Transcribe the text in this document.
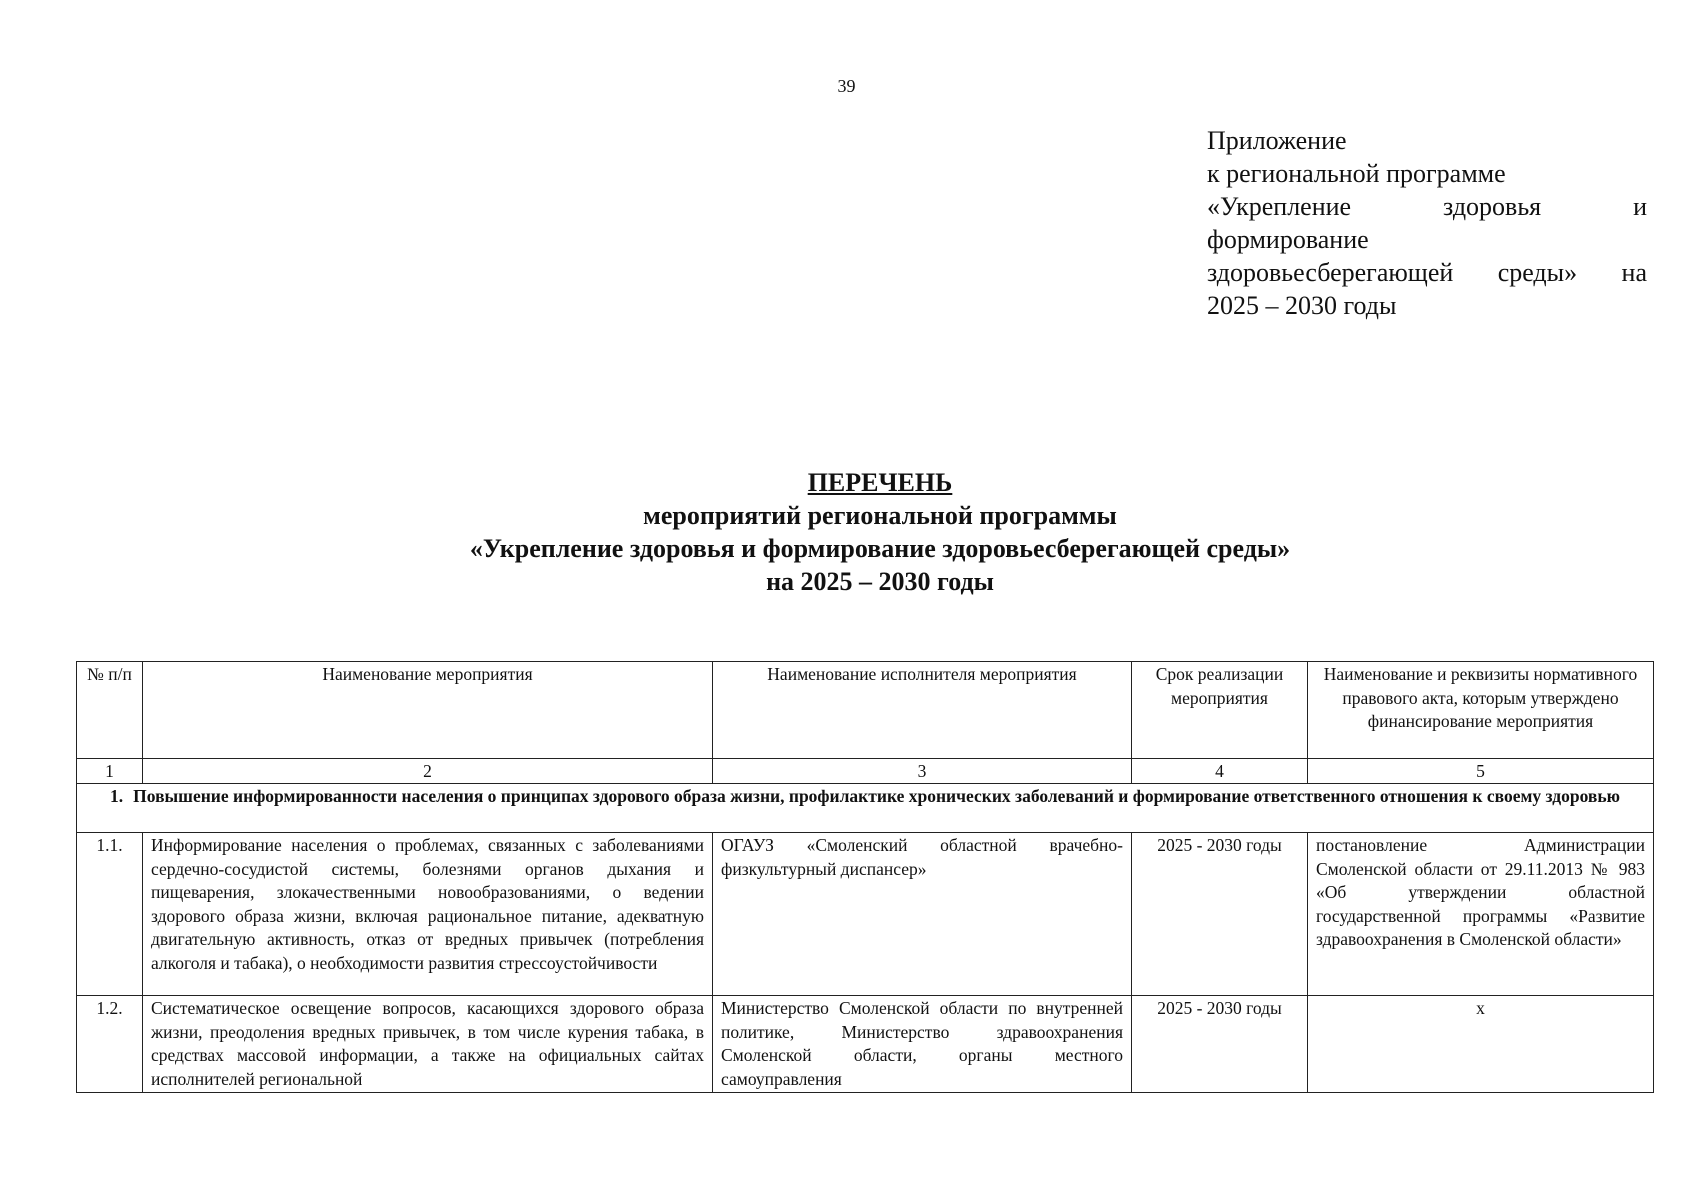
39
Приложение
к региональной программе
«Укрепление	здоровья	и
формирование
здоровьесберегающей среды» на
2025 – 2030 годы
ПЕРЕЧЕНЬ
мероприятий региональной программы
«Укрепление здоровья и формирование здоровьесберегающей среды»
на 2025 – 2030 годы
№ п/п	Наименование мероприятия	Наименование исполнителя мероприятия	Срок реализации мероприятия	Наименование и реквизиты нормативного правового акта, которым утверждено финансирование мероприятия
1	2	3	4	5
1. Повышение информированности населения о принципах здорового образа жизни, профилактике хронических заболеваний и формирование ответственного отношения к своему здоровью				
1.1.	Информирование населения о проблемах, связанных с заболеваниями сердечно-сосудистой системы, болезнями органов дыхания и пищеварения, злокачественными новообразованиями, о ведении здорового образа жизни, включая рациональное питание, адекватную двигательную активность, отказ от вредных привычек (потребления алкоголя и табака), о необходимости развития стрессоустойчивости	ОГАУЗ «Смоленский областной врачебно-физкультурный диспансер»	2025 - 2030 годы	постановление Администрации Смоленской области от 29.11.2013 № 983 «Об утверждении областной государственной программы «Развитие здравоохранения в Смоленской области»
1.2.	Систематическое освещение вопросов, касающихся здорового образа жизни, преодоления вредных привычек, в том числе курения табака, в средствах массовой информации, а также на официальных сайтах исполнителей региональной	Министерство Смоленской области по внутренней политике, Министерство здравоохранения Смоленской области, органы местного самоуправления	2025 - 2030 годы	х
